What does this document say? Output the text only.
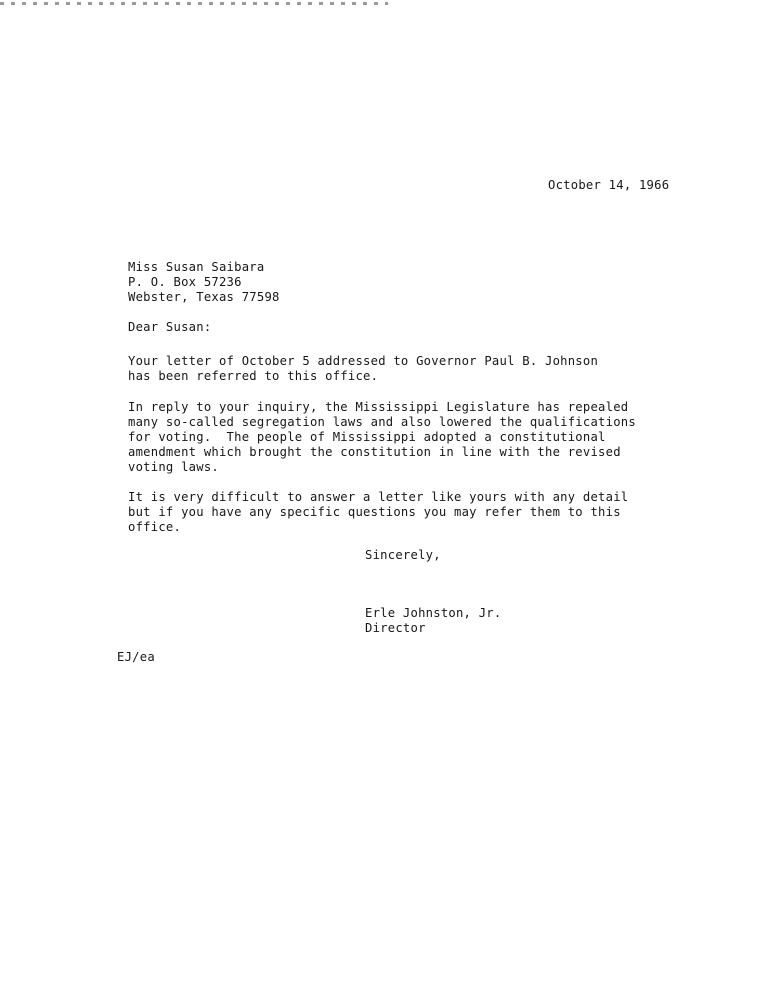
October 14, 1966
Miss Susan Saibara
P. O. Box 57236
Webster, Texas 77598
Dear Susan:
Your letter of October 5 addressed to Governor Paul B. Johnson
has been referred to this office.
In reply to your inquiry, the Mississippi Legislature has repealed
many so-called segregation laws and also lowered the qualifications
for voting.  The people of Mississippi adopted a constitutional
amendment which brought the constitution in line with the revised
voting laws.
It is very difficult to answer a letter like yours with any detail
but if you have any specific questions you may refer them to this
office.
Sincerely,
Erle Johnston, Jr.
Director
EJ/ea
